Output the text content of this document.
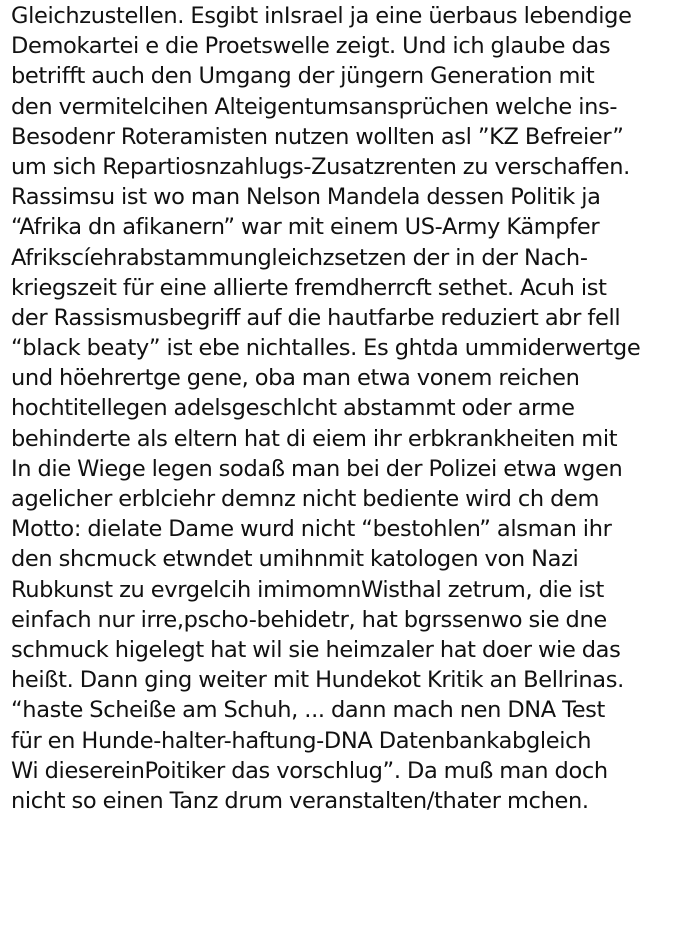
Gleichzustellen. Esgibt inIsrael ja eine üerbaus lebendige
Demokartei e die Proetswelle zeigt. Und ich glaube das
betrifft auch den Umgang der jüngern Generation mit
den vermitelcihen Alteigentumsansprüchen welche ins-
Besodenr Roteramisten nutzen wollten asl ”KZ Befreier”
um sich Repartiosnzahlugs-Zusatzrenten zu verschaffen.
Rassimsu ist wo man Nelson Mandela dessen Politik ja
“Afrika dn afikanern” war mit einem US-Army Kämpfer
Afrikscíehrabstammungleichzsetzen der in der Nach-
kriegszeit für eine allierte fremdherrcft sethet. Acuh ist
der Rassismusbegriff auf die hautfarbe reduziert abr fell
“black beaty” ist ebe nichtalles. Es ghtda ummiderwertge
und höehrertge gene, oba man etwa vonem reichen
hochtitellegen adelsgeschlcht abstammt oder arme
behinderte als eltern hat di eiem ihr erbkrankheiten mit
In die Wiege legen sodaß man bei der Polizei etwa wgen
agelicher erblciehr demnz nicht bediente wird ch dem
Motto: dielate Dame wurd nicht “bestohlen” alsman ihr
den shcmuck etwndet umihnmit katologen von Nazi
Rubkunst zu evrgelcih imimomnWisthal zetrum, die ist
einfach nur irre,pscho-behidetr, hat bgrssenwo sie dne
schmuck higelegt hat wil sie heimzaler hat doer wie das
heißt. Dann ging weiter mit Hundekot Kritik an Bellrinas.
“haste Scheiße am Schuh, ... dann mach nen DNA Test
für en Hunde-halter-haftung-DNA Datenbankabgleich
Wi diesereinPoitiker das vorschlug”. Da muß man doch
nicht so einen Tanz drum veranstalten/thater mchen.
